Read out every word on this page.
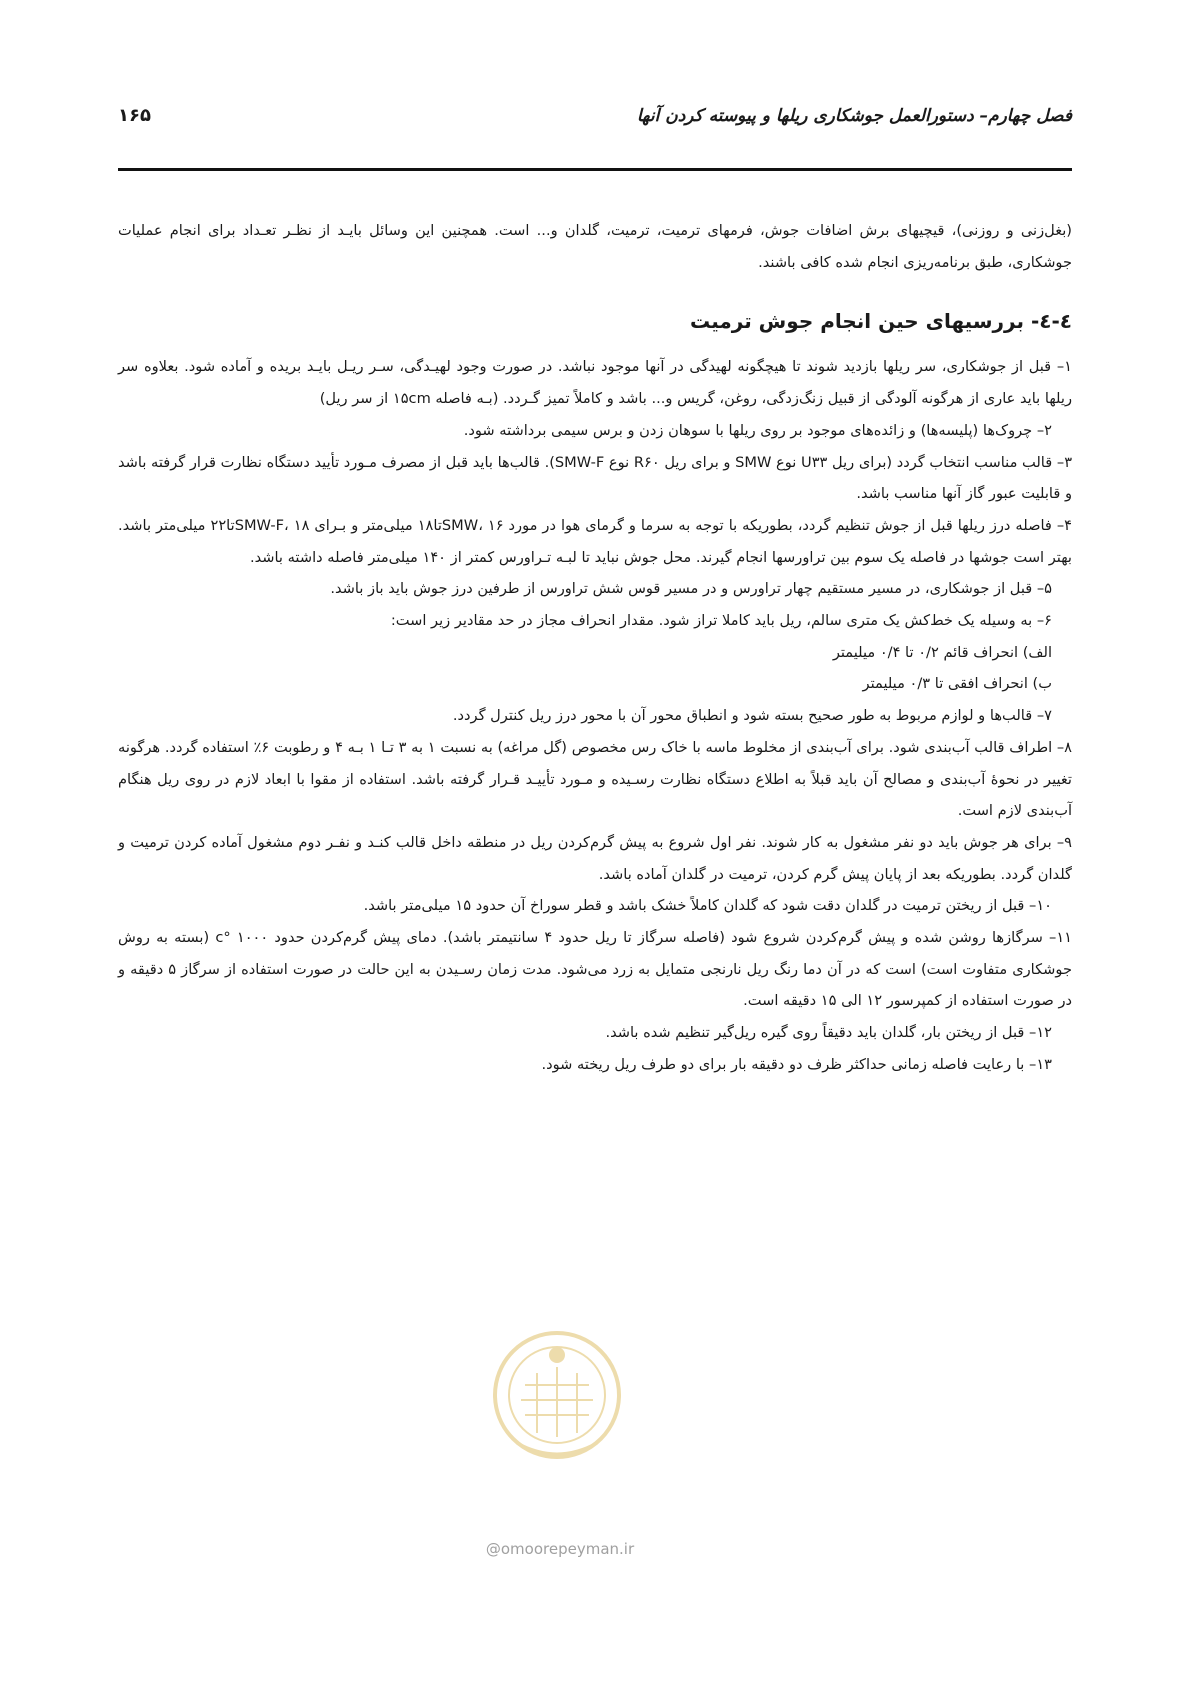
فصل چهارم– دستورالعمل جوشکاری ریلها و پیوسته کردن آنها
۱۶۵

(بغل‌زنی و روزنی)، قیچیهای برش اضافات جوش، فرمهای ترمیت، ترمیت، گلدان و... است. همچنین این وسائل بایـد از نظـر تعـداد برای انجام عملیات جوشکاری، طبق برنامه‌ریزی انجام شده کافی باشند.

٤-٤- بررسیهای حین انجام جوش ترمیت

۱– قبل از جوشکاری، سر ریلها بازدید شوند تا هیچگونه لهیدگی در آنها موجود نباشد. در صورت وجود لهیـدگی، سـر ریـل بایـد بریده و آماده شود. بعلاوه سر ریلها باید عاری از هرگونه آلودگی از قبیل زنگ‌زدگی، روغن، گریس و... باشد و کاملاً تمیز گـردد. (بـه فاصله ۱۵cm از سر ریل)

۲– چروک‌ها (پلیسه‌ها) و زائده‌های موجود بر روی ریلها با سوهان زدن و برس سیمی برداشته شود.

۳– قالب مناسب انتخاب گردد (برای ریل U۳۳ نوع SMW و برای ریل R۶۰ نوع SMW-F). قالب‌ها باید قبل از مصرف مـورد تأیید دستگاه نظارت قرار گرفته باشد و قابلیت عبور گاز آنها مناسب باشد.

۴– فاصله درز ریلها قبل از جوش تنظیم گردد، بطوریکه با توجه به سرما و گرمای هوا در مورد SMW، ۱۶تا۱۸ میلی‌متر و بـرای SMW-F، ۱۸تا۲۲ میلی‌متر باشد. بهتر است جوشها در فاصله یک سوم بین تراورسها انجام گیرند. محل جوش نباید تا لبـه تـراورس کمتر از ۱۴۰ میلی‌متر فاصله داشته باشد.

۵– قبل از جوشکاری، در مسیر مستقیم چهار تراورس و در مسیر قوس شش تراورس از طرفین درز جوش باید باز باشد.

۶– به وسیله یک خط‌کش یک متری سالم، ریل باید کاملا تراز شود. مقدار انحراف مجاز در حد مقادیر زیر است:

الف) انحراف قائم ۰/۲ تا ۰/۴ میلیمتر

ب) انحراف افقی تا ۰/۳ میلیمتر

۷– قالب‌ها و لوازم مربوط به طور صحیح بسته شود و انطباق محور آن با محور درز ریل کنترل گردد.

۸– اطراف قالب آب‌بندی شود. برای آب‌بندی از مخلوط ماسه با خاک رس مخصوص (گل مراغه) به نسبت ۱ به ۳ تـا ۱ بـه ۴ و رطوبت ۶٪ استفاده گردد. هرگونه تغییر در نحوهٔ آب‌بندی و مصالح آن باید قبلاً به اطلاع دستگاه نظارت رسـیده و مـورد تأییـد قـرار گرفته باشد. استفاده از مقوا با ابعاد لازم در روی ریل هنگام آب‌بندی لازم است.

۹– برای هر جوش باید دو نفر مشغول به کار شوند. نفر اول شروع به پیش گرم‌کردن ریل در منطقه داخل قالب کنـد و نفـر دوم مشغول آماده کردن ترمیت و گلدان گردد. بطوریکه بعد از پایان پیش گرم کردن، ترمیت در گلدان آماده باشد.

۱۰– قبل از ریختن ترمیت در گلدان دقت شود که گلدان کاملاً خشک باشد و قطر سوراخ آن حدود ۱۵ میلی‌متر باشد.

۱۱– سرگازها روشن شده و پیش گرم‌کردن شروع شود (فاصله سرگاز تا ریل حدود ۴ سانتیمتر باشد). دمای پیش گرم‌کردن حدود ۱۰۰۰ °c (بسته به روش جوشکاری متفاوت است) است که در آن دما رنگ ریل نارنجی متمایل به زرد می‌شود. مدت زمان رسـیدن به این حالت در صورت استفاده از سرگاز ۵ دقیقه و در صورت استفاده از کمپرسور ۱۲ الی ۱۵ دقیقه است.

۱۲– قبل از ریختن بار، گلدان باید دقیقاً روی گیره ریل‌گیر تنظیم شده باشد.

۱۳– با رعایت فاصله زمانی حداکثر ظرف دو دقیقه بار برای دو طرف ریل ریخته شود.

@omoorepeyman.ir
